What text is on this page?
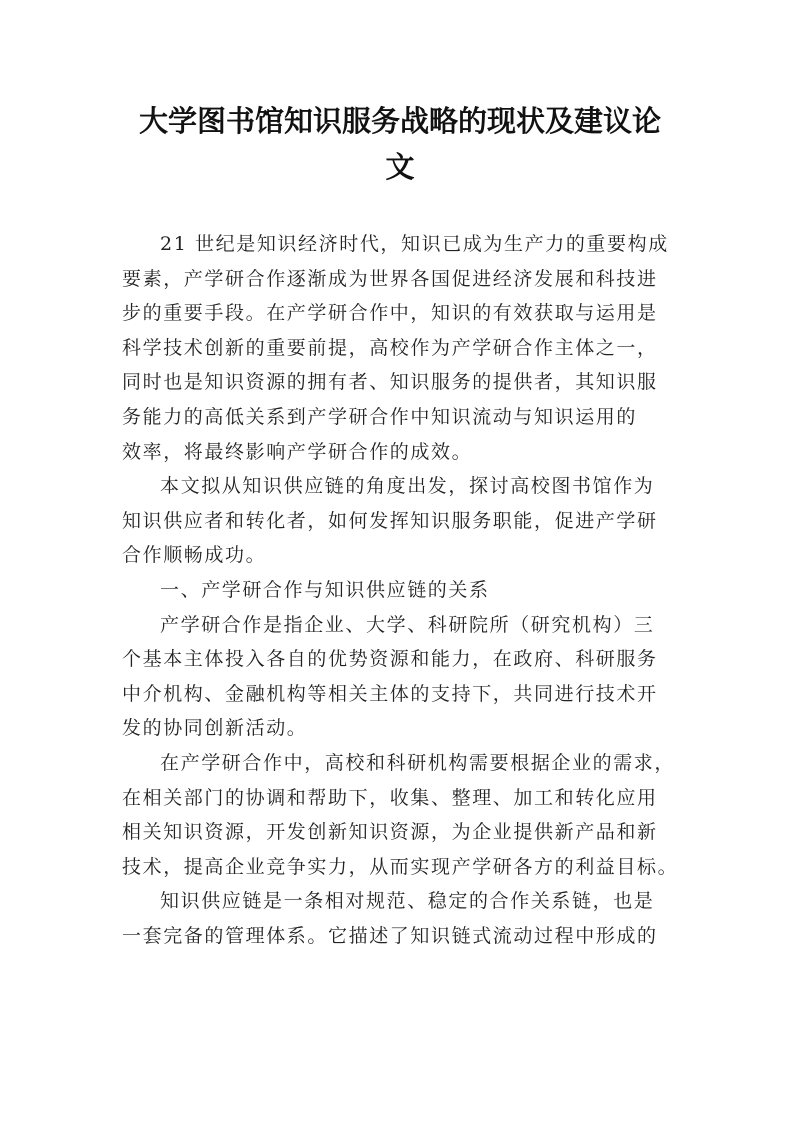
大学图书馆知识服务战略的现状及建议论
文

21 世纪是知识经济时代，知识已成为生产力的重要构成
要素，产学研合作逐渐成为世界各国促进经济发展和科技进
步的重要手段。在产学研合作中，知识的有效获取与运用是
科学技术创新的重要前提，高校作为产学研合作主体之一，
同时也是知识资源的拥有者、知识服务的提供者，其知识服
务能力的高低关系到产学研合作中知识流动与知识运用的
效率，将最终影响产学研合作的成效。

本文拟从知识供应链的角度出发，探讨高校图书馆作为
知识供应者和转化者，如何发挥知识服务职能，促进产学研
合作顺畅成功。

一、产学研合作与知识供应链的关系

产学研合作是指企业、大学、科研院所（研究机构）三
个基本主体投入各自的优势资源和能力，在政府、科研服务
中介机构、金融机构等相关主体的支持下，共同进行技术开
发的协同创新活动。

在产学研合作中，高校和科研机构需要根据企业的需求，
在相关部门的协调和帮助下，收集、整理、加工和转化应用
相关知识资源，开发创新知识资源，为企业提供新产品和新
技术，提高企业竞争实力，从而实现产学研各方的利益目标。

知识供应链是一条相对规范、稳定的合作关系链，也是
一套完备的管理体系。它描述了知识链式流动过程中形成的
